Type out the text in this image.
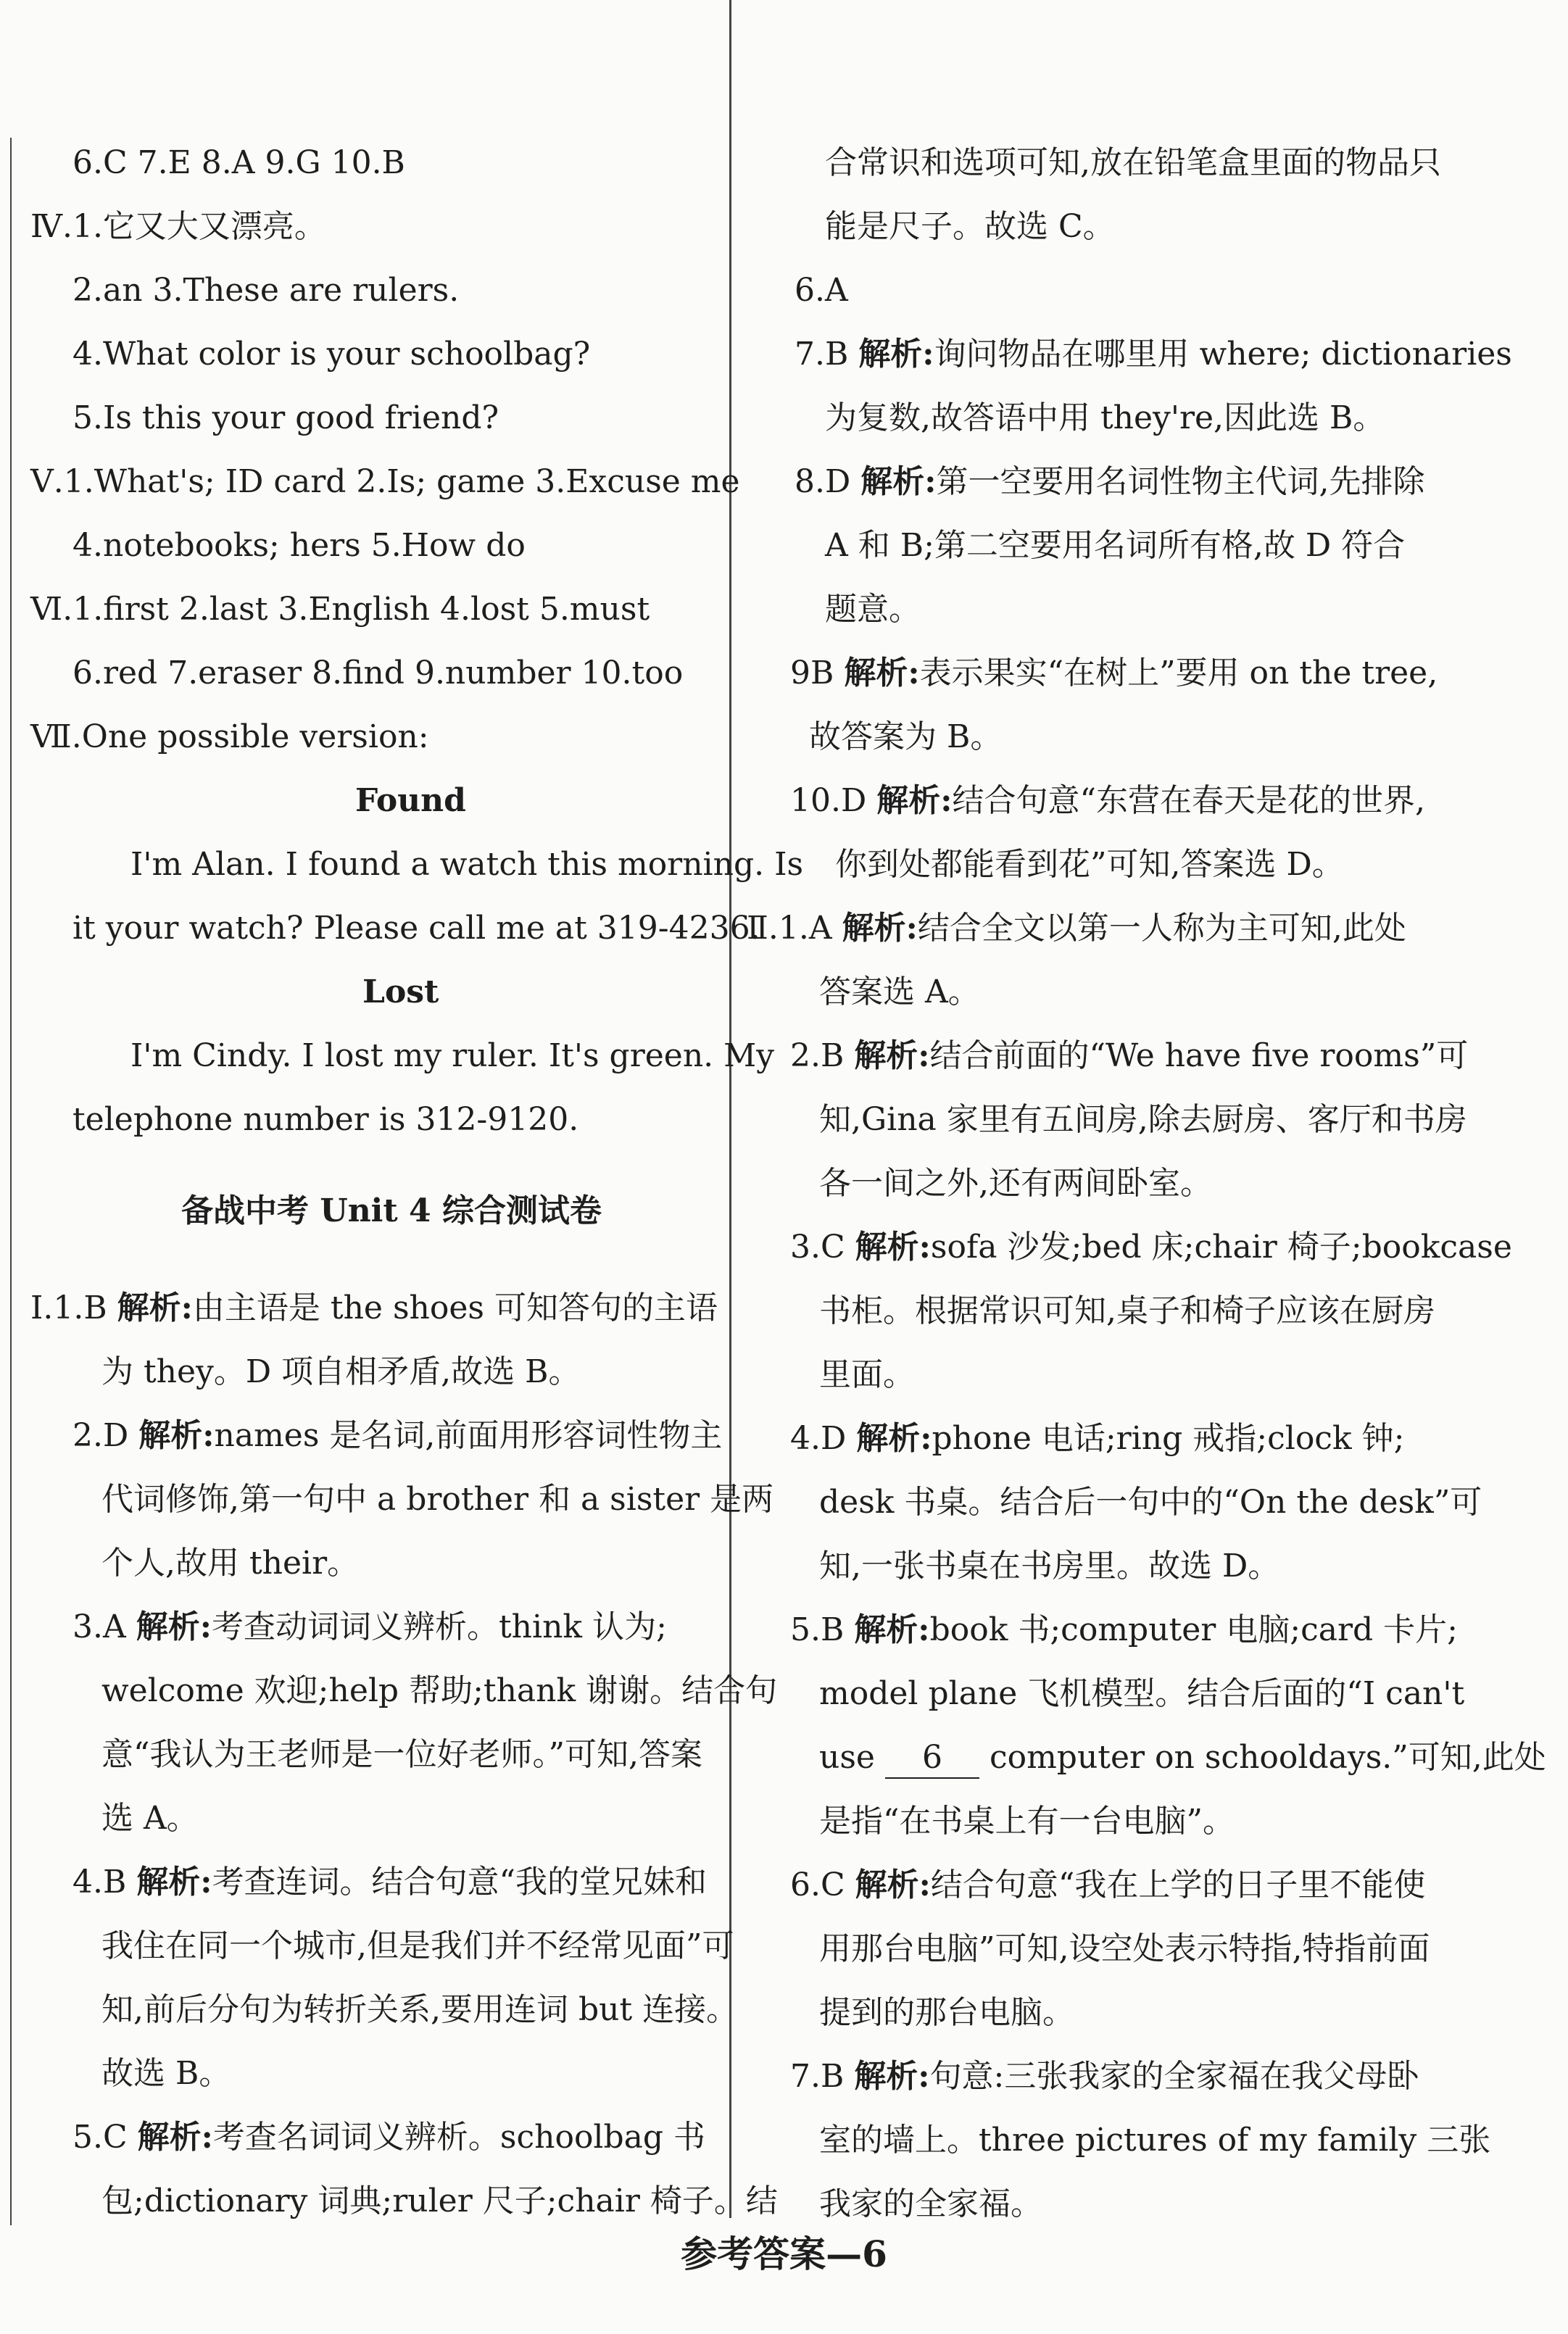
6.C 7.E 8.A 9.G 10.B
Ⅳ.1.它又大又漂亮。
2.an 3.These are rulers.
4.What color is your schoolbag?
5.Is this your good friend?
Ⅴ.1.What's; ID card 2.Is; game 3.Excuse me
4.notebooks; hers 5.How do
Ⅵ.1.first 2.last 3.English 4.lost 5.must
6.red 7.eraser 8.find 9.number 10.too
Ⅶ.One possible version:
Found
I'm Alan. I found a watch this morning. Is
it your watch? Please call me at 319-4236.
Lost
I'm Cindy. I lost my ruler. It's green. My
telephone number is 312-9120.
备战中考 Unit 4 综合测试卷
Ⅰ.1.B 解析:由主语是 the shoes 可知答句的主语
为 they。D 项自相矛盾,故选 B。
2.D 解析:names 是名词,前面用形容词性物主
代词修饰,第一句中 a brother 和 a sister 是两
个人,故用 their。
3.A 解析:考查动词词义辨析。think 认为;
welcome 欢迎;help 帮助;thank 谢谢。结合句
意“我认为王老师是一位好老师。”可知,答案
选 A。
4.B 解析:考查连词。结合句意“我的堂兄妹和
我住在同一个城市,但是我们并不经常见面”可
知,前后分句为转折关系,要用连词 but 连接。
故选 B。
5.C 解析:考查名词词义辨析。schoolbag 书
包;dictionary 词典;ruler 尺子;chair 椅子。结
合常识和选项可知,放在铅笔盒里面的物品只
能是尺子。故选 C。
6.A
7.B 解析:询问物品在哪里用 where; dictionaries
为复数,故答语中用 they're,因此选 B。
8.D 解析:第一空要用名词性物主代词,先排除
A 和 B;第二空要用名词所有格,故 D 符合
题意。
9B 解析:表示果实“在树上”要用 on the tree,
故答案为 B。
10.D 解析:结合句意“东营在春天是花的世界,
你到处都能看到花”可知,答案选 D。
Ⅱ.1.A 解析:结合全文以第一人称为主可知,此处
答案选 A。
2.B 解析:结合前面的“We have five rooms”可
知,Gina 家里有五间房,除去厨房、客厅和书房
各一间之外,还有两间卧室。
3.C 解析:sofa 沙发;bed 床;chair 椅子;bookcase
书柜。根据常识可知,桌子和椅子应该在厨房
里面。
4.D 解析:phone 电话;ring 戒指;clock 钟;
desk 书桌。结合后一句中的“On the desk”可
知,一张书桌在书房里。故选 D。
5.B 解析:book 书;computer 电脑;card 卡片;
model plane 飞机模型。结合后面的“I can't
use 6 computer on schooldays.”可知,此处
是指“在书桌上有一台电脑”。
6.C 解析:结合句意“我在上学的日子里不能使
用那台电脑”可知,设空处表示特指,特指前面
提到的那台电脑。
7.B 解析:句意:三张我家的全家福在我父母卧
室的墙上。three pictures of my family 三张
我家的全家福。
参考答案—6
